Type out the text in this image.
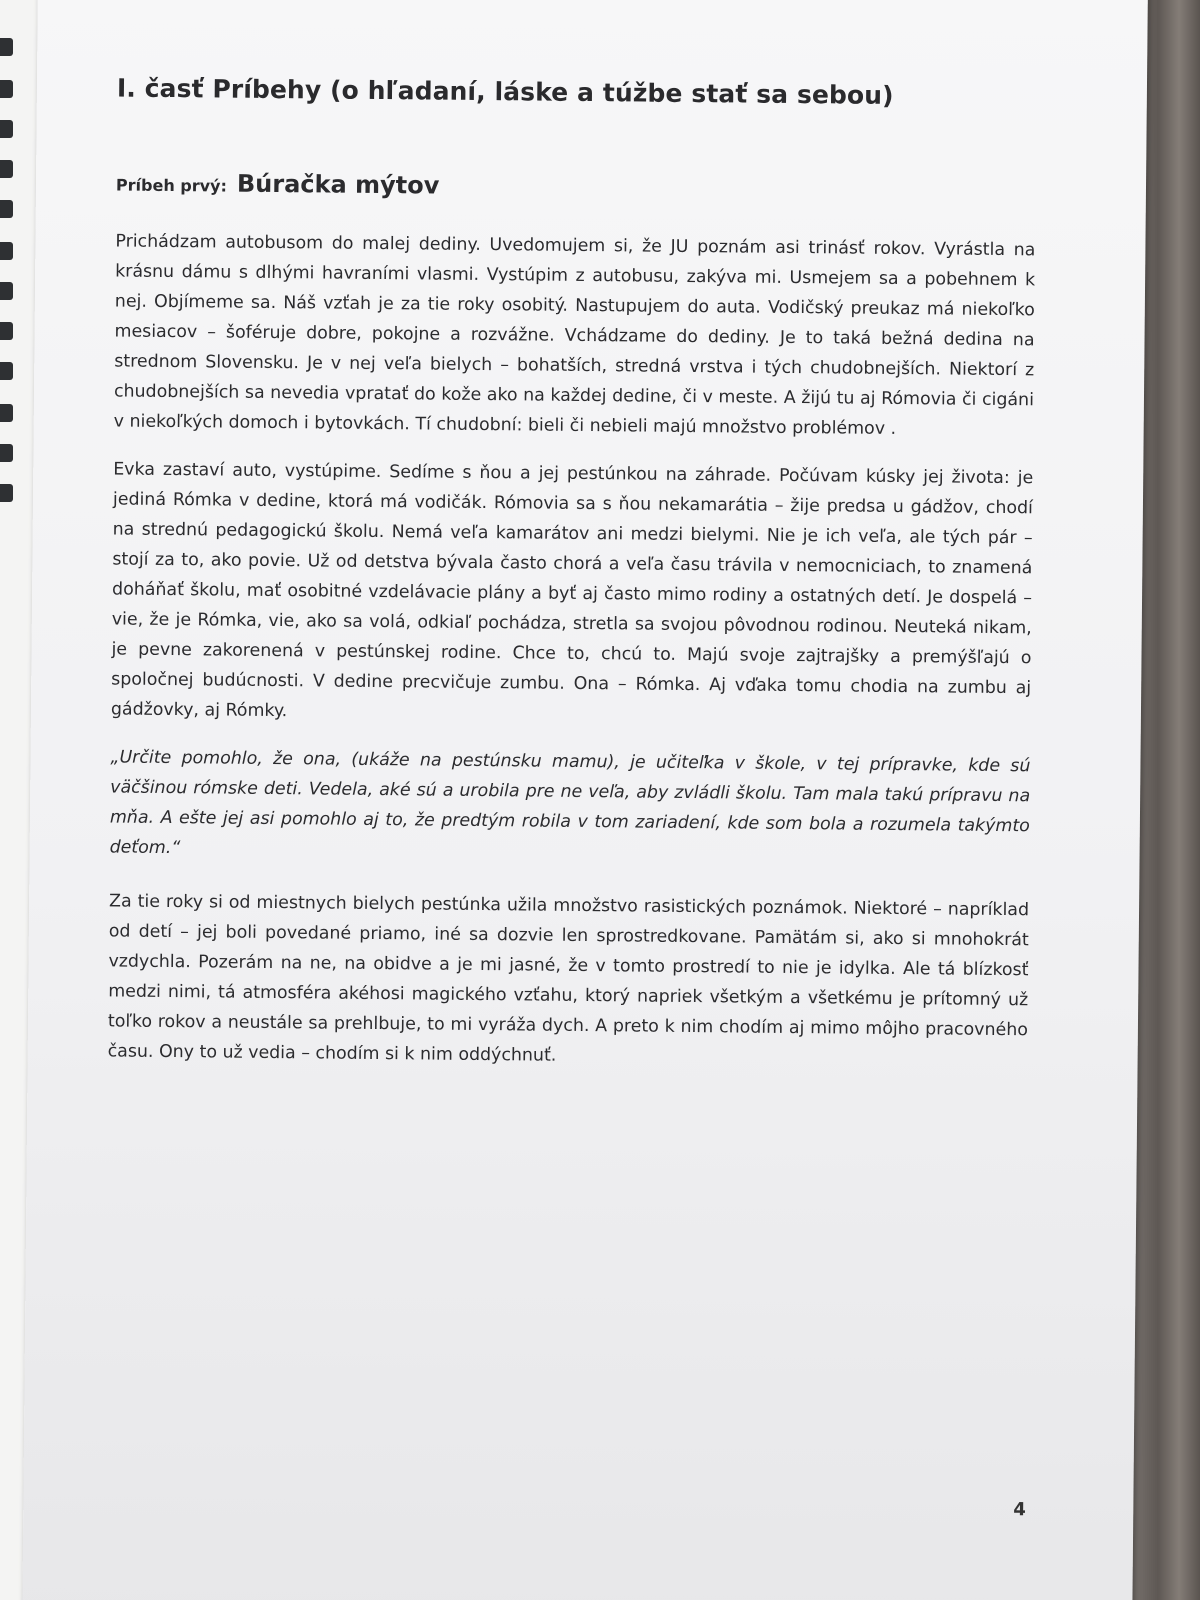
I. časť Príbehy (o hľadaní, láske a túžbe stať sa sebou)
Príbeh prvý: Búračka mýtov

Prichádzam autobusom do malej dediny. Uvedomujem si, že JU poznám asi trinásť rokov. Vyrástla na krásnu dámu s dlhými havraními vlasmi. Vystúpim z autobusu, zakýva mi. Usmejem sa a pobehnem k nej. Objímeme sa. Náš vzťah je za tie roky osobitý. Nastupujem do auta. Vodičský preukaz má niekoľko mesiacov – šoféruje dobre, pokojne a rozvážne. Vchádzame do dediny. Je to taká bežná dedina na strednom Slovensku. Je v nej veľa bielych – bohatších, stredná vrstva i tých chudobnejších. Niektorí z chudobnejších sa nevedia vpratať do kože ako na každej dedine, či v meste. A žijú tu aj Rómovia či cigáni v niekoľkých domoch i bytovkách. Tí chudobní: bieli či nebieli majú množstvo problémov .

Evka zastaví auto, vystúpime. Sedíme s ňou a jej pestúnkou na záhrade. Počúvam kúsky jej života: je jediná Rómka v dedine, ktorá má vodičák. Rómovia sa s ňou nekamarátia – žije predsa u gádžov, chodí na strednú pedagogickú školu. Nemá veľa kamarátov ani medzi bielymi. Nie je ich veľa, ale tých pár – stojí za to, ako povie. Už od detstva bývala často chorá a veľa času trávila v nemocniciach, to znamená doháňať školu, mať osobitné vzdelávacie plány a byť aj často mimo rodiny a ostatných detí. Je dospelá – vie, že je Rómka, vie, ako sa volá, odkiaľ pochádza, stretla sa svojou pôvodnou rodinou. Neuteká nikam, je pevne zakorenená v pestúnskej rodine. Chce to, chcú to. Majú svoje zajtrajšky a premýšľajú o spoločnej budúcnosti. V dedine precvičuje zumbu. Ona – Rómka. Aj vďaka tomu chodia na zumbu aj gádžovky, aj Rómky.

„Určite pomohlo, že ona, (ukáže na pestúnsku mamu), je učiteľka v škole, v tej prípravke, kde sú väčšinou rómske deti. Vedela, aké sú a urobila pre ne veľa, aby zvládli školu. Tam mala takú prípravu na mňa. A ešte jej asi pomohlo aj to, že predtým robila v tom zariadení, kde som bola a rozumela takýmto deťom.“

Za tie roky si od miestnych bielych pestúnka užila množstvo rasistických poznámok. Niektoré – napríklad od detí – jej boli povedané priamo, iné sa dozvie len sprostredkovane. Pamätám si, ako si mnohokrát vzdychla. Pozerám na ne, na obidve a je mi jasné, že v tomto prostredí to nie je idylka. Ale tá blízkosť medzi nimi, tá atmosféra akéhosi magického vzťahu, ktorý napriek všetkým a všetkému je prítomný už toľko rokov a neustále sa prehlbuje, to mi vyráža dych. A preto k nim chodím aj mimo môjho pracovného času. Ony to už vedia – chodím si k nim oddýchnuť.

4
